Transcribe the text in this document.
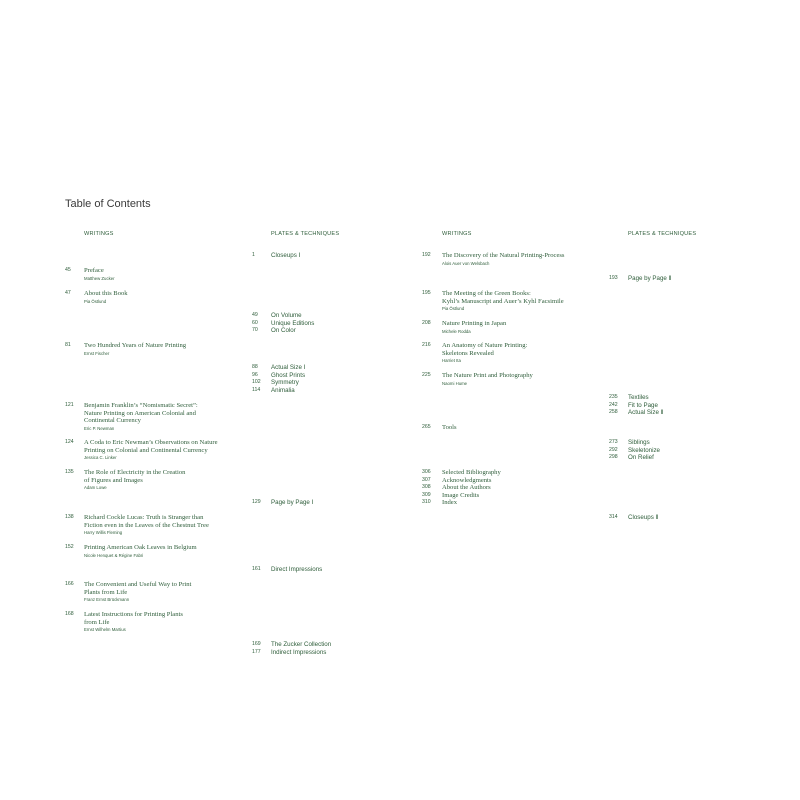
Table of Contents
WRITINGS	PLATES & TECHNIQUES	WRITINGS	PLATES & TECHNIQUES
45 Preface
Matthew Zucker
47 About this Book
Pia Östlund
81 Two Hundred Years of Nature Printing
Ernst Fischer
121 Benjamin Franklin’s “Nomismatic Secret”:
Nature Printing on American Colonial and
Continental Currency
Eric P. Newman
124 A Coda to Eric Newman’s Observations on Nature
Printing on Colonial and Continental Currency
Jessica C. Linker
135 The Role of Electricity in the Creation
of Figures and Images
Adam Lowe
138 Richard Cockle Lucas: Truth is Stranger than
Fiction even in the Leaves of the Chestnut Tree
Harry Willis Fleming
152 Printing American Oak Leaves in Belgium
Nicole Henquet & Régine Fabri
166 The Convenient and Useful Way to Print
Plants from Life
Franz Ernst Brückmann
168 Latest Instructions for Printing Plants
from Life
Ernst Wilhelm Martius
1	Closeups Ⅰ
49 On Volume
60 Unique Editions
70 On Color
88 Actual Size Ⅰ
96 Ghost Prints
102 Symmetry
114 Animalia
129 Page by Page Ⅰ
161 Direct Impressions
169 The Zucker Collection
177 Indirect Impressions
192 The Discovery of the Natural Printing-Process
Alois Auer von Welsbach
195 The Meeting of the Green Books:
Kyhl’s Manuscript and Auer’s Kyhl Facsimile
Pia Östlund
208 Nature Printing in Japan
Michele Rodda
216 An Anatomy of Nature Printing:
Skeletons Revealed
Harriet Ita
225 The Nature Print and Photography
Naomi Hume
265 Tools
306 Selected Bibliography
307 Acknowledgments
308 About the Authors
309 Image Credits
310 Index
193 Page by Page Ⅱ
235 Textiles
242 Fit to Page
258 Actual Size Ⅱ
273 Siblings
292 Skeletonize
298 On Relief
314 Closeups Ⅱ
